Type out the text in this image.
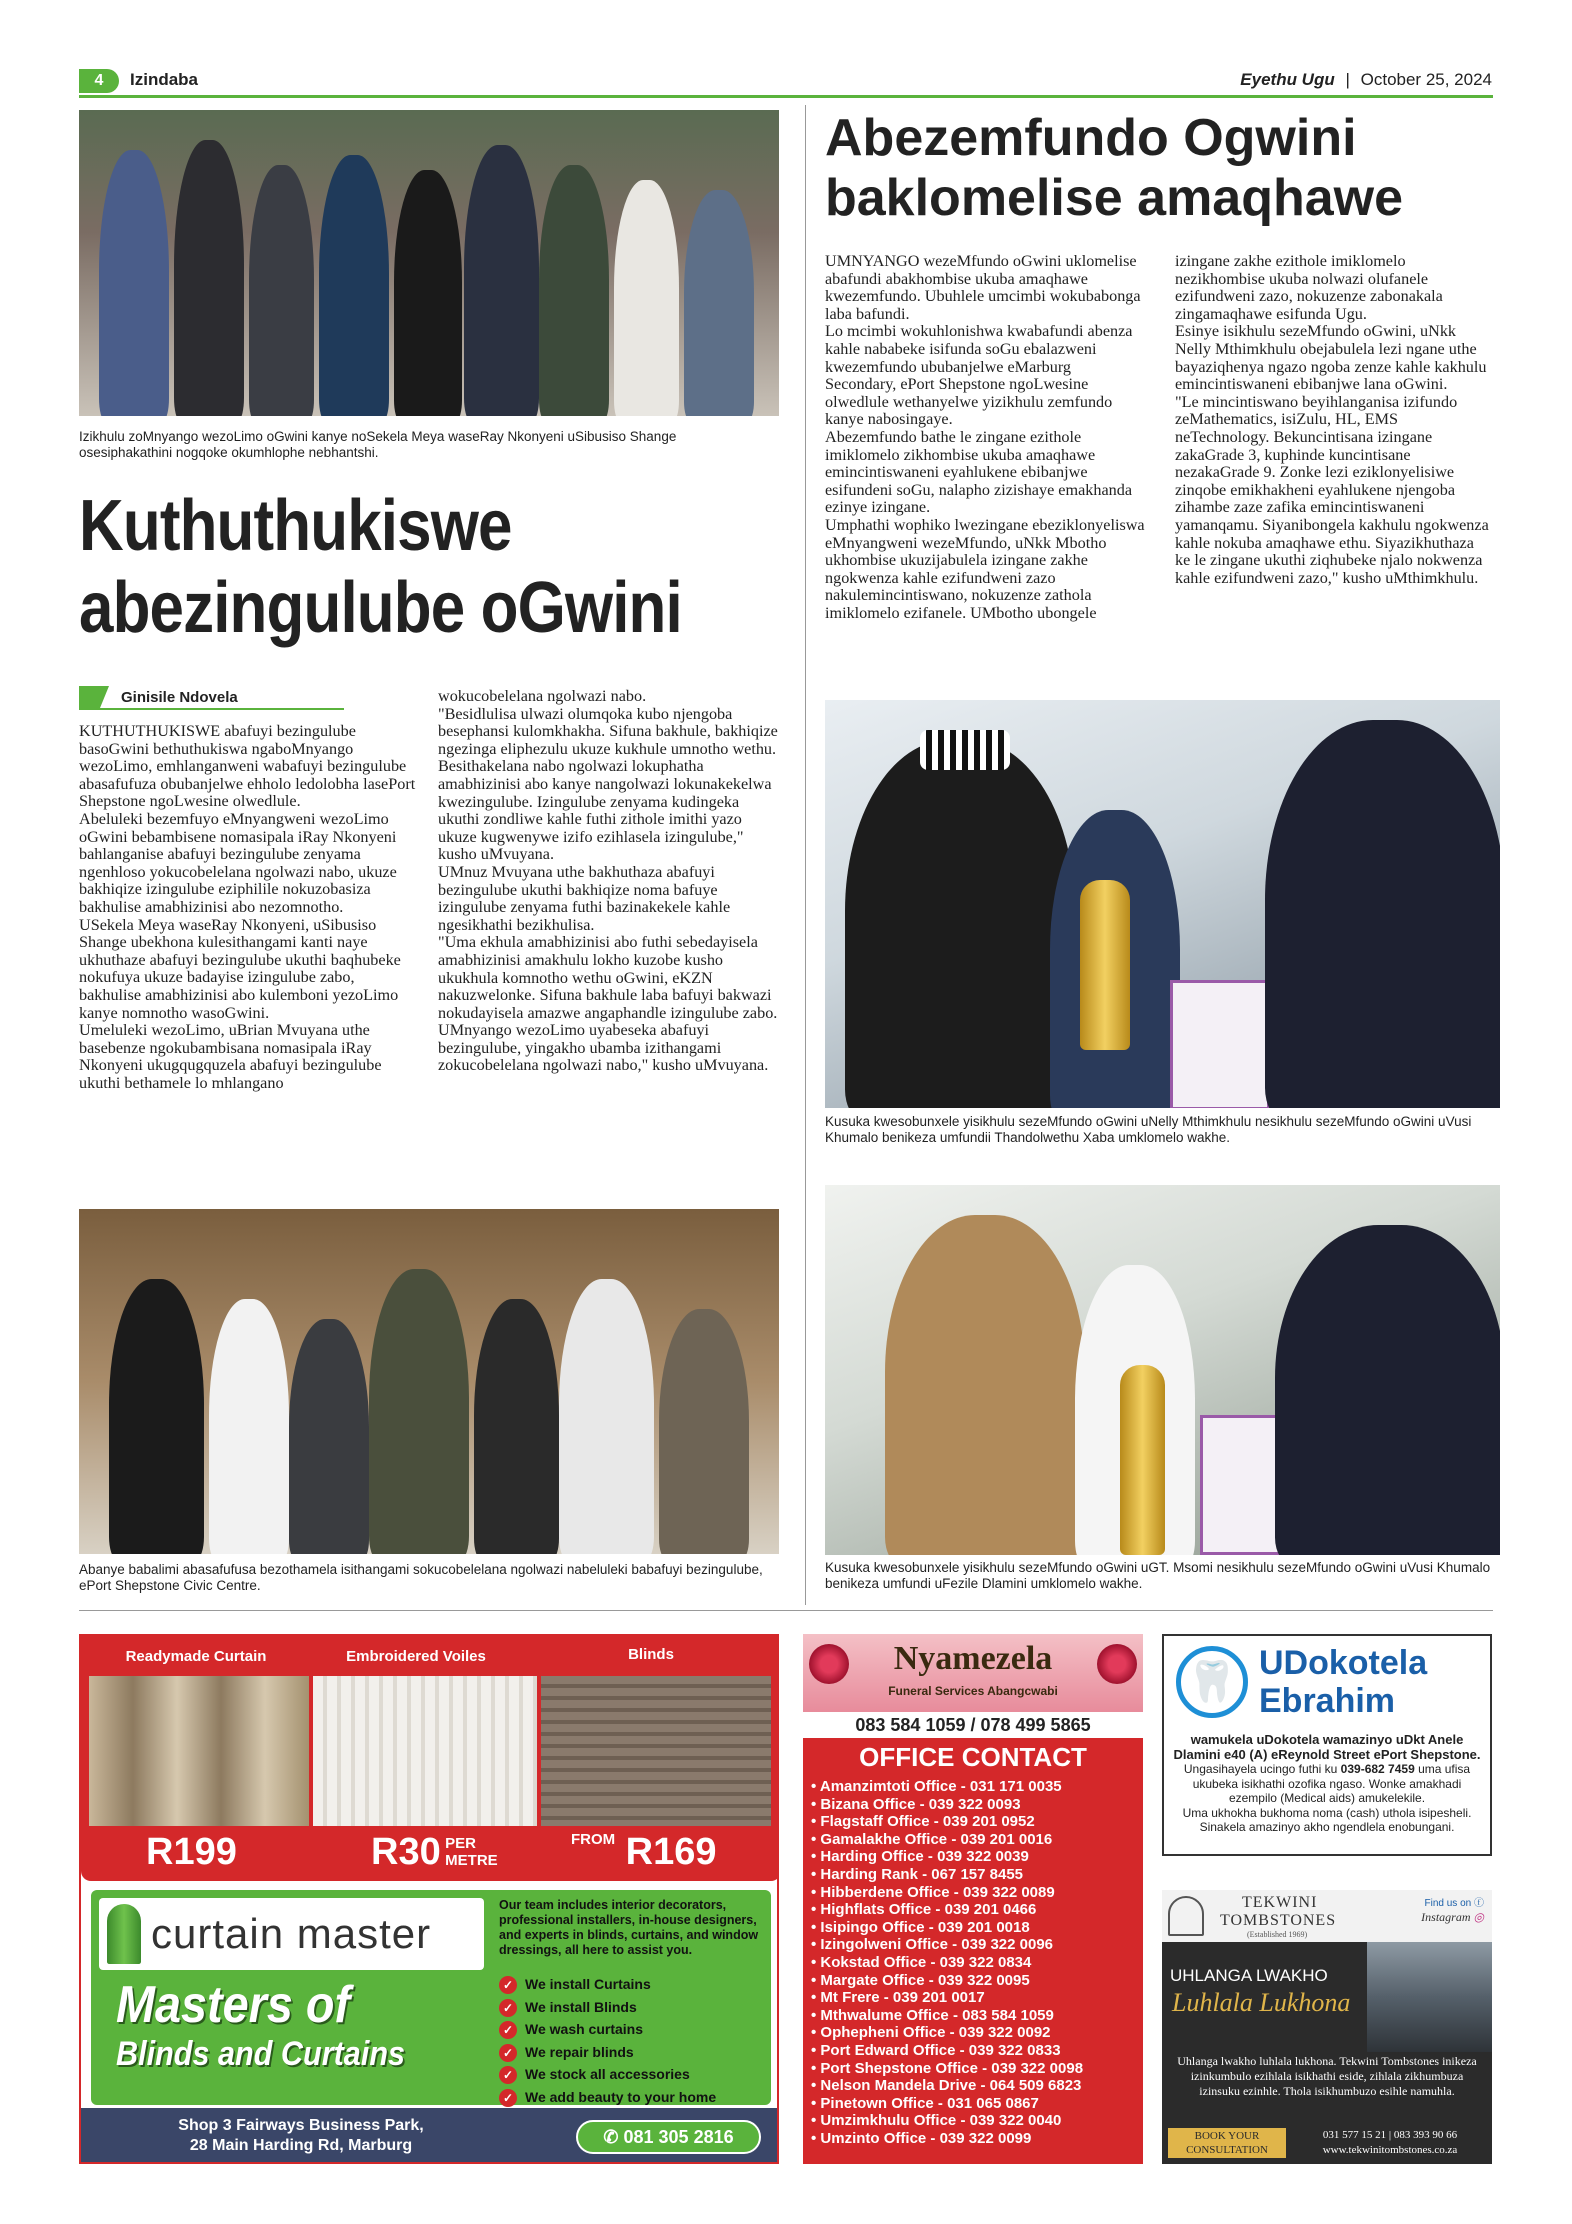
4	Izindaba	Eyethu Ugu | October 25, 2024
Izikhulu zoMnyango wezoLimo oGwini kanye noSekela Meya waseRay Nkonyeni uSibusiso Shange osesiphakathini nogqoke okumhlophe nebhantshi.
Kuthuthukiswe
abezingulube oGwini
Ginisile Ndovela

KUTHUTHUKISWE abafuyi bezingulube basoGwini bethuthukiswa ngaboMnyango wezoLimo, emhlanganweni wabafuyi bezingulube abasafufuza obubanjelwe ehholo ledolobha lasePort Shepstone ngoLwesine olwedlule.

Abeluleki bezemfuyo eMnyangweni wezoLimo oGwini bebambisene nomasipala iRay Nkonyeni bahlanganise abafuyi bezingulube zenyama ngenhloso yokucobelelana ngolwazi nabo, ukuze bakhiqize izingulube eziphilile nokuzobasiza bakhulise amabhizinisi abo nezomnotho.

USekela Meya waseRay Nkonyeni, uSibusiso Shange ubekhona kulesithangami kanti naye ukhuthaze abafuyi bezingulube ukuthi baqhubeke nokufuya ukuze badayise izingulube zabo, bakhulise amabhizinisi abo kulemboni yezoLimo kanye nomnotho wasoGwini.

Umeluleki wezoLimo, uBrian Mvuyana uthe basebenze ngokubambisana nomasipala iRay Nkonyeni ukugqugquzela abafuyi bezingulube ukuthi bethamele lo mhlangano

wokucobelelana ngolwazi nabo.

"Besidlulisa ulwazi olumqoka kubo njengoba besephansi kulomkhakha. Sifuna bakhule, bakhiqize ngezinga eliphezulu ukuze kukhule umnotho wethu. Besithakelana nabo ngolwazi lokuphatha amabhizinisi abo kanye nangolwazi lokunakekelwa kwezingulube. Izingulube zenyama kudingeka ukuthi zondliwe kahle futhi zithole imithi yazo ukuze kugwenywe izifo ezihlasela izingulube," kusho uMvuyana.

UMnuz Mvuyana uthe bakhuthaza abafuyi bezingulube ukuthi bakhiqize noma bafuye izingulube zenyama futhi bazinakekele kahle ngesikhathi bezikhulisa.

"Uma ekhula amabhizinisi abo futhi sebedayisela amabhizinisi amakhulu lokho kuzobe kusho ukukhula komnotho wethu oGwini, eKZN nakuzwelonke. Sifuna bakhule laba bafuyi bakwazi nokudayisela amazwe angaphandle izingulube zabo. UMnyango wezoLimo uyabeseka abafuyi bezingulube, yingakho ubamba izithangami zokucobelelana ngolwazi nabo," kusho uMvuyana.

Abanye babalimi abasafufusa bezothamela isithangami sokucobelelana ngolwazi nabeluleki babafuyi bezingulube, ePort Shepstone Civic Centre.
Abezemfundo Ogwini
baklomelise amaqhawe

UMNYANGO wezeMfundo oGwini uklomelise abafundi abakhombise ukuba amaqhawe kwezemfundo. Ubuhlele umcimbi wokubabonga laba bafundi.

Lo mcimbi wokuhlonishwa kwabafundi abenza kahle nababeke isifunda soGu ebalazweni kwezemfundo ububanjelwe eMarburg Secondary, ePort Shepstone ngoLwesine olwedlule wethanyelwe yizikhulu zemfundo kanye nabosingaye.

Abezemfundo bathe le zingane ezithole imiklomelo zikhombise ukuba amaqhawe emincintiswaneni eyahlukene ebibanjwe esifundeni soGu, nalapho zizishaye emakhanda ezinye izingane.

Umphathi wophiko lwezingane ebeziklonyeliswa eMnyangweni wezeMfundo, uNkk Mbotho ukhombise ukuzijabulela izingane zakhe ngokwenza kahle ezifundweni zazo nakulemincintiswano, nokuzenze zathola imiklomelo ezifanele. UMbotho ubongele

izingane zakhe ezithole imiklomelo nezikhombise ukuba nolwazi olufanele ezifundweni zazo, nokuzenze zabonakala zingamaqhawe esifunda Ugu.

Esinye isikhulu sezeMfundo oGwini, uNkk Nelly Mthimkhulu obejabulela lezi ngane uthe bayaziqhenya ngazo ngoba zenze kahle kakhulu emincintiswaneni ebibanjwe lana oGwini.

"Le mincintiswano beyihlanganisa izifundo zeMathematics, isiZulu, HL, EMS neTechnology. Bekuncintisana izingane zakaGrade 3, kuphinde kuncintisane nezakaGrade 9. Zonke lezi eziklonyelisiwe zinqobe emikhakheni eyahlukene njengoba zihambe zaze zafika emincintiswaneni yamanqamu. Siyanibongela kakhulu ngokwenza kahle nokuba amaqhawe ethu. Siyazikhuthaza ke le zingane ukuthi ziqhubeke njalo nokwenza kahle ezifundweni zazo," kusho uMthimkhulu.

Kusuka kwesobunxele yisikhulu sezeMfundo oGwini uNelly Mthimkhulu nesikhulu sezeMfundo oGwini uVusi Khumalo benikeza umfundii Thandolwethu Xaba umklomelo wakhe.
Kusuka kwesobunxele yisikhulu sezeMfundo oGwini uGT. Msomi nesikhulu sezeMfundo oGwini uVusi Khumalo benikeza umfundi uFezile Dlamini umklomelo wakhe.
Readymade Curtain	Embroidered Voiles	Blinds
R199	R30 PER
METRE
FROM R169
curtain master
Masters of
Blinds and Curtains
Our team includes interior decorators, professional installers, in-house designers, and experts in blinds, curtains, and window dressings, all here to assist you.
✓ We install Curtains
✓ We install Blinds
✓ We wash curtains
✓ We repair blinds
✓ We stock all accessories
✓ We add beauty to your home
Shop 3 Fairways Business Park,
28 Main Harding Rd, Marburg	✆ 081 305 2816
Nyamezela
Funeral Services Abangcwabi
083 584 1059 / 078 499 5865
OFFICE CONTACT
• Amanzimtoti Office - 031 171 0035
• Bizana Office - 039 322 0093
• Flagstaff Office - 039 201 0952
• Gamalakhe Office - 039 201 0016
• Harding Office - 039 322 0039
• Harding Rank - 067 157 8455
• Hibberdene Office - 039 322 0089
• Highflats Office - 039 201 0466
• Isipingo Office - 039 201 0018
• Izingolweni Office - 039 322 0096
• Kokstad Office - 039 322 0834
• Margate Office - 039 322 0095
• Mt Frere - 039 201 0017
• Mthwalume Office - 083 584 1059
• Ophepheni Office - 039 322 0092
• Port Edward Office - 039 322 0833
• Port Shepstone Office - 039 322 0098
• Nelson Mandela Drive - 064 509 6823
• Pinetown Office - 031 065 0867
• Umzimkhulu Office - 039 322 0040
• Umzinto Office - 039 322 0099
🦷 UDokotela
Ebrahim
wamukela uDokotela wamazinyo uDkt Anele Dlamini e40 (A) eReynold Street ePort Shepstone.
Ungasihayela ucingo futhi ku 039-682 7459 uma ufisa ukubeka isikhathi ozofika ngaso. Wonke amakhadi ezempilo (Medical aids) amukelekile.
Uma ukhokha bukhoma noma (cash) uthola isipesheli. Sinakela amazinyo akho ngendlela enobungani.
TEKWINI
TOMBSTONES
(Established 1969)
Find us on ⓕ
Instagram ◎
UHLANGA LWAKHO
Luhlala Lukhona
Uhlanga lwakho luhlala lukhona. Tekwini Tombstones inikeza izinkumbulo ezihlala isikhathi eside, zihlala zikhumbuza izinsuku ezinhle. Thola isikhumbuzo esihle namuhla.
BOOK YOUR
CONSULTATION
031 577 15 21 | 083 393 90 66
www.tekwinitombstones.co.za
